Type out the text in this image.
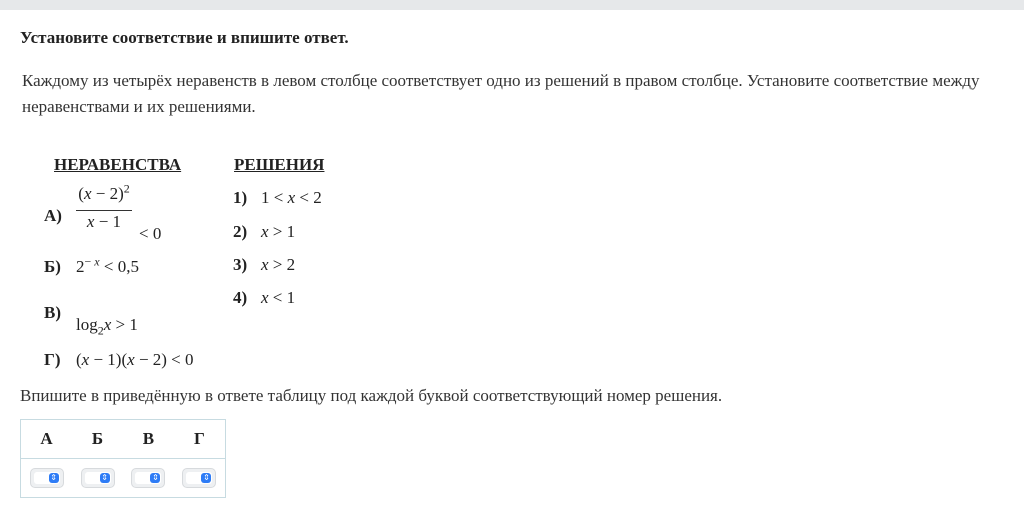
Установите соответствие и впишите ответ.
Каждому из четырёх неравенств в левом столбце соответствует одно из решений в правом столбце. Установите соответствие между неравенствами и их решениями.
НЕРАВЕНСТВА	РЕШЕНИЯ
А)
$(x - 2)^2$
x − 1
< 0
Б) $2^{- x} < 0,5$
В)
$\log_2x > 1$
Г) (x − 1)(x − 2) < 0
1) 1 < x < 2
2) x > 1
3) x > 2
4) x < 1
Впишите в приведённую в ответе таблицу под каждой буквой соответствующий номер решения.
А	Б	В	Г

⇕	⇕	⇕	⇕
